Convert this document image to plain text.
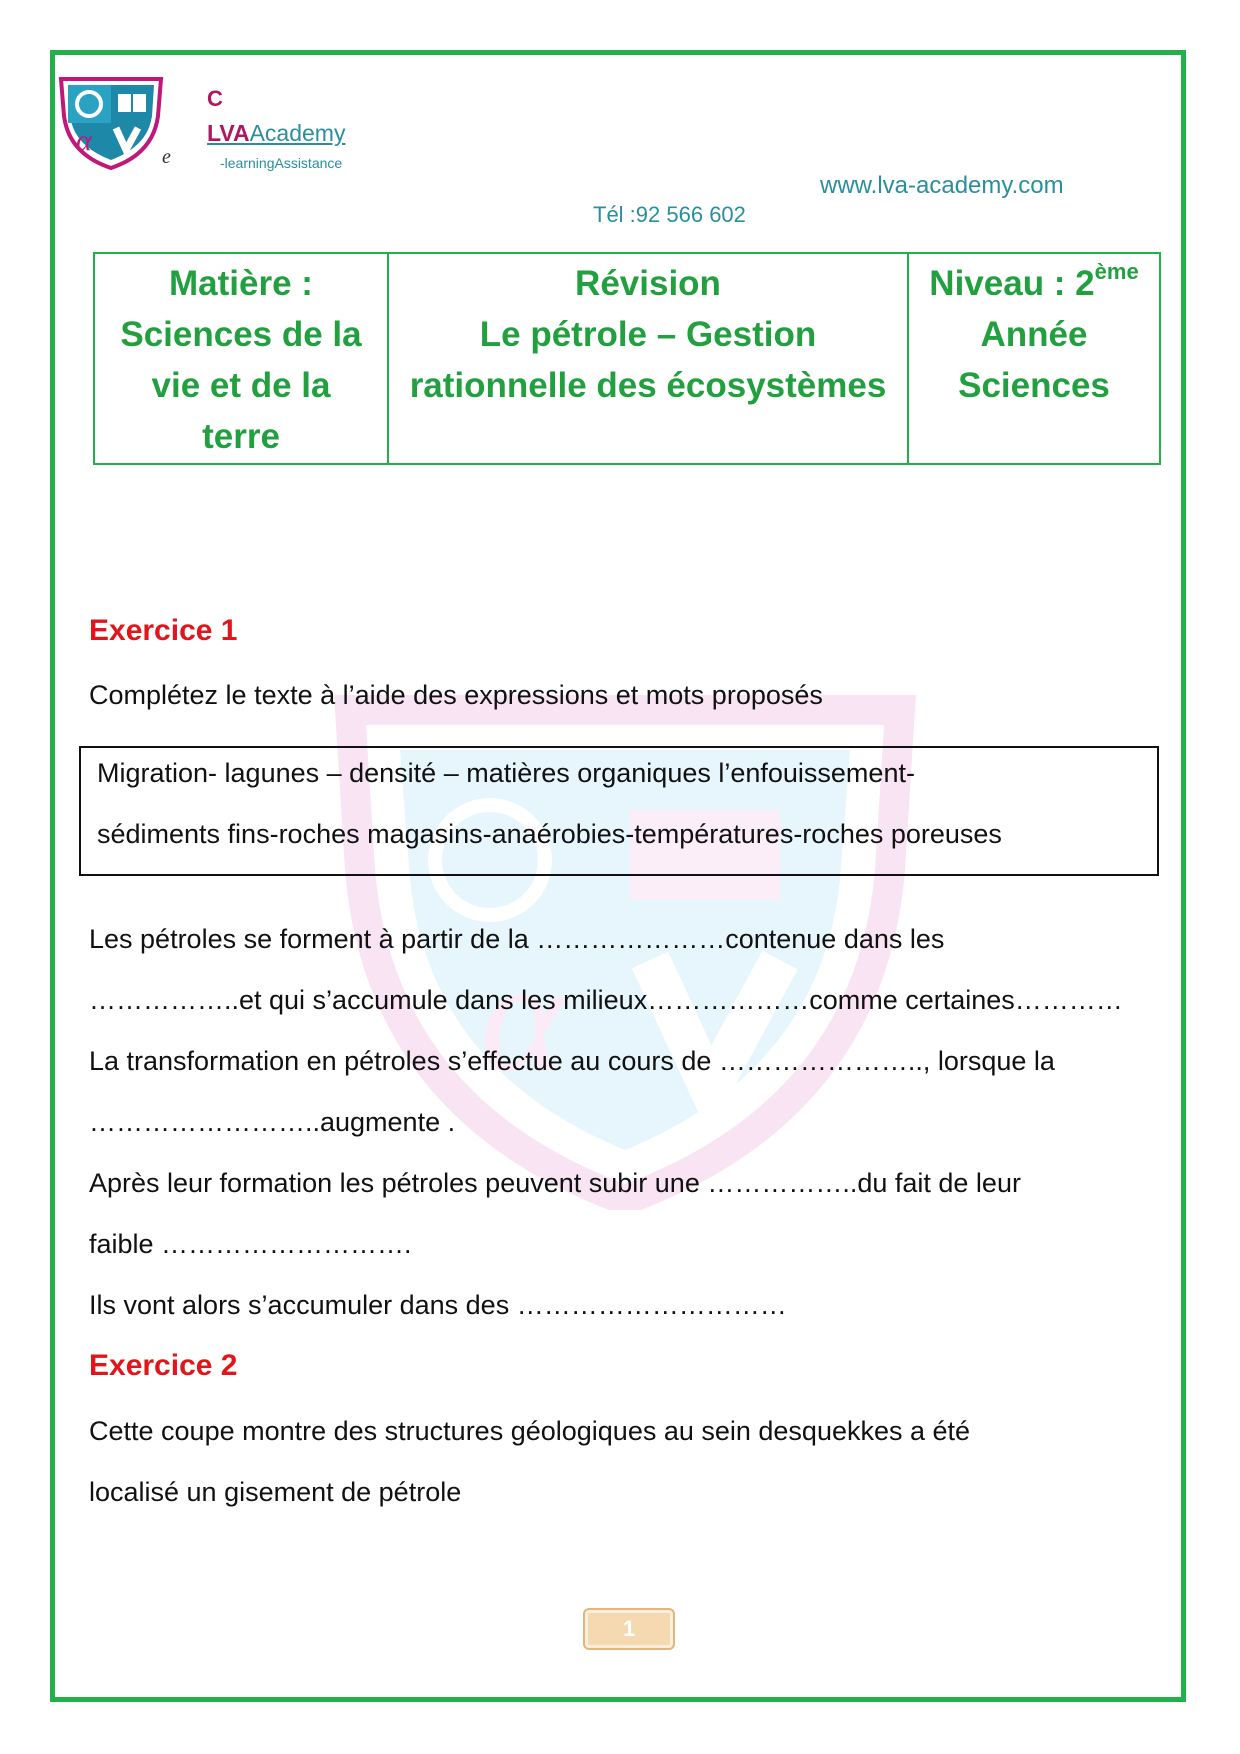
α
α
C
LVAAcademy
e	-learningAssistance
www.lva-academy.com
Tél :92 566 602
Matière :
Sciences de la
vie et de la
terre

Révision
Le pétrole – Gestion
rationnelle des écosystèmes

Niveau : 2ème
Année
Sciences
Exercice 1
Complétez le texte à l’aide des expressions et mots proposés
Migration- lagunes – densité – matières organiques l’enfouissement-
sédiments fins-roches magasins-anaérobies-températures-roches poreuses
Les pétroles se forment à partir de la …………………contenue dans les
……………..et qui s’accumule dans les milieux………………comme certaines…………
La transformation en pétroles s’effectue au cours de ………………….., lorsque la
……………………..augmente .
Après leur formation les pétroles peuvent subir une ……………..du fait de leur
faible ……………………….
Ils vont alors s’accumuler dans des …………………………
Exercice 2
Cette coupe montre des structures géologiques au sein desquekkes a été
localisé un gisement de pétrole
1
